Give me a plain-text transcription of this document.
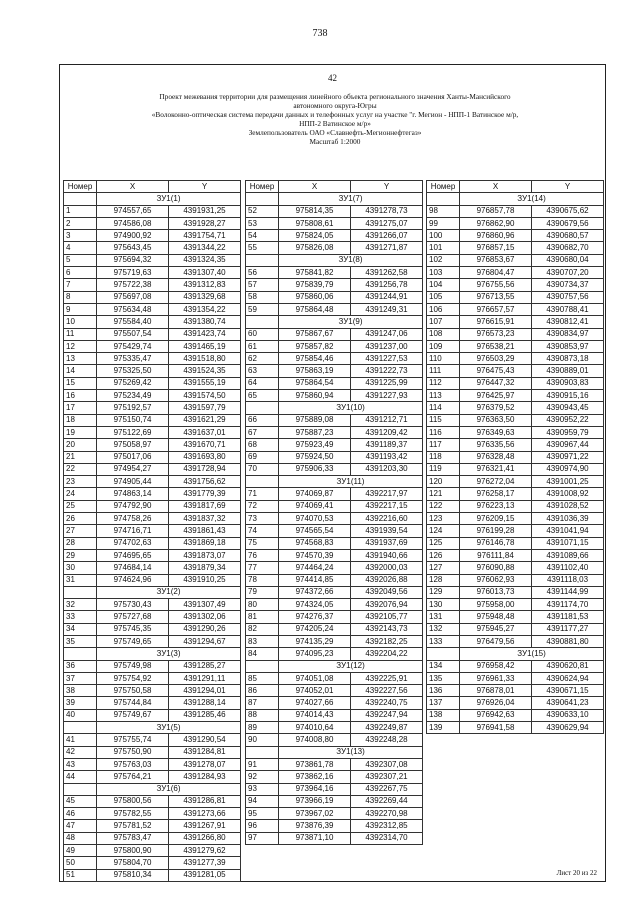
738
42
Проект межевания территории для размещения линейного объекта регионального значения Ханты-Мансийского
автономного округа-Югры
«Волоконно-оптическая система передачи данных и телефонных услуг на участке "г. Мегион - НПП-1 Ватинское м/р,
НПП-2 Ватинское м/р»
Землепользователь ОАО «Славнефть-Мегионнефтегаз»
Масштаб 1:2000
Номер	X	Y
	ЗУ1(1)	
1	974557,65	4391931,25
2	974586,08	4391928,27
3	974900,92	4391754,71
4	975643,45	4391344,22
5	975694,32	4391324,35
6	975719,63	4391307,40
7	975722,38	4391312,83
8	975697,08	4391329,68
9	975634,48	4391354,22
10	975584,40	4391380,74
11	975507,54	4391423,74
12	975429,74	4391465,19
13	975335,47	4391518,80
14	975325,50	4391524,35
15	975269,42	4391555,19
16	975234,49	4391574,50
17	975192,57	4391597,79
18	975150,74	4391621,29
19	975122,69	4391637,01
20	975058,97	4391670,71
21	975017,06	4391693,80
22	974954,27	4391728,94
23	974905,44	4391756,62
24	974863,14	4391779,39
25	974792,90	4391817,69
26	974758,26	4391837,32
27	974716,71	4391861,43
28	974702,63	4391869,18
29	974695,65	4391873,07
30	974684,14	4391879,34
31	974624,96	4391910,25
	ЗУ1(2)	
32	975730,43	4391307,49
33	975727,68	4391302,06
34	975745,35	4391290,26
35	975749,65	4391294,67
	ЗУ1(3)	
36	975749,98	4391285,27
37	975754,92	4391291,11
38	975750,58	4391294,01
39	975744,84	4391288,14
40	975749,67	4391285,46
	ЗУ1(5)	
41	975755,74	4391290,54
42	975750,90	4391284,81
43	975763,03	4391278,07
44	975764,21	4391284,93
	ЗУ1(6)	
45	975800,56	4391286,81
46	975782,55	4391273,66
47	975781,52	4391267,91
48	975783,47	4391266,80
49	975800,90	4391279,62
50	975804,70	4391277,39
51	975810,34	4391281,05
Номер	X	Y
	ЗУ1(7)	
52	975814,35	4391278,73
53	975808,61	4391275,07
54	975824,05	4391266,07
55	975826,08	4391271,87
	ЗУ1(8)	
56	975841,82	4391262,58
57	975839,79	4391256,78
58	975860,06	4391244,91
59	975864,48	4391249,31
	ЗУ1(9)	
60	975867,67	4391247,06
61	975857,82	4391237,00
62	975854,46	4391227,53
63	975863,19	4391222,73
64	975864,54	4391225,99
65	975860,94	4391227,93
	ЗУ1(10)	
66	975889,08	4391212,71
67	975887,23	4391209,42
68	975923,49	4391189,37
69	975924,50	4391193,42
70	975906,33	4391203,30
	ЗУ1(11)	
71	974069,87	4392217,97
72	974069,41	4392217,15
73	974070,53	4392216,60
74	974565,54	4391939,54
75	974568,83	4391937,69
76	974570,39	4391940,66
77	974464,24	4392000,03
78	974414,85	4392026,88
79	974372,66	4392049,56
80	974324,05	4392076,94
81	974276,37	4392105,77
82	974205,24	4392143,73
83	974135,29	4392182,25
84	974095,23	4392204,22
	ЗУ1(12)	
85	974051,08	4392225,91
86	974052,01	4392227,56
87	974027,66	4392240,75
88	974014,43	4392247,94
89	974010,64	4392249,87
90	974008,80	4392248,28
	ЗУ1(13)	
91	973861,78	4392307,08
92	973862,16	4392307,21
93	973964,16	4392267,75
94	973966,19	4392269,44
95	973967,02	4392270,98
96	973876,39	4392312,85
97	973871,10	4392314,70
Номер	X	Y
	ЗУ1(14)	
98	976857,78	4390675,62
99	976862,90	4390679,56
100	976860,96	4390680,57
101	976857,15	4390682,70
102	976853,67	4390680,04
103	976804,47	4390707,20
104	976755,56	4390734,37
105	976713,55	4390757,56
106	976657,57	4390788,41
107	976615,91	4390812,41
108	976573,23	4390834,97
109	976538,21	4390853,97
110	976503,29	4390873,18
111	976475,43	4390889,01
112	976447,32	4390903,83
113	976425,97	4390915,16
114	976379,52	4390943,45
115	976363,50	4390952,22
116	976349,63	4390959,79
117	976335,56	4390967,44
118	976328,48	4390971,22
119	976321,41	4390974,90
120	976272,04	4391001,25
121	976258,17	4391008,92
122	976223,13	4391028,52
123	976209,15	4391036,39
124	976199,28	4391041,94
125	976146,78	4391071,15
126	976111,84	4391089,66
127	976090,88	4391102,40
128	976062,93	4391118,03
129	976013,73	4391144,99
130	975958,00	4391174,70
131	975948,48	4391181,53
132	975945,27	4391177,27
133	976479,56	4390881,80
	ЗУ1(15)	
134	976958,42	4390620,81
135	976961,33	4390624,94
136	976878,01	4390671,15
137	976926,04	4390641,23
138	976942,63	4390633,10
139	976941,58	4390629,94
Лист 20 из 22
